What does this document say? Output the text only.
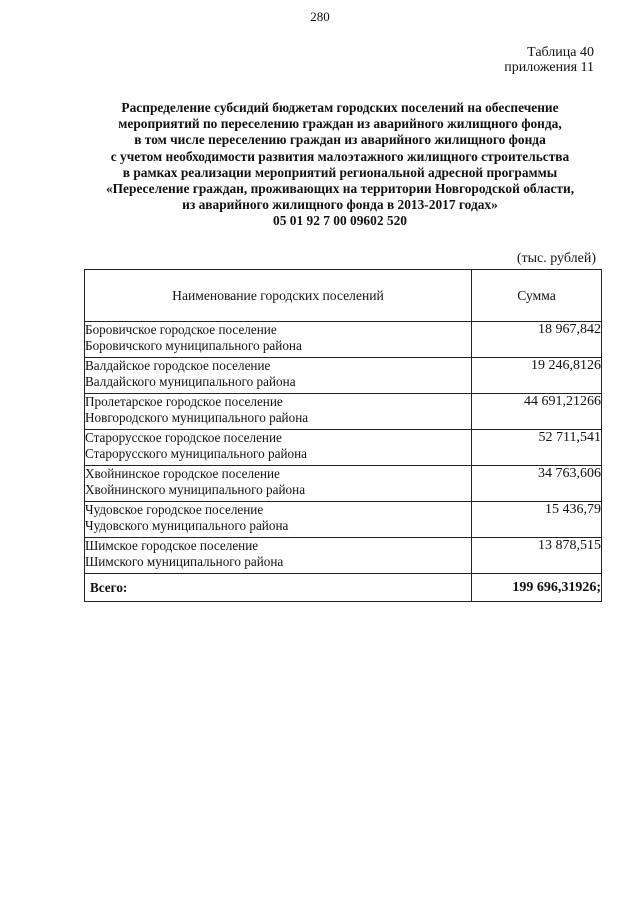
280
Таблица 40
приложения 11
Распределение субсидий бюджетам городских поселений на обеспечение
мероприятий по переселению граждан из аварийного жилищного фонда,
в том числе переселению граждан из аварийного жилищного фонда
с учетом необходимости развития малоэтажного жилищного строительства
в рамках реализации мероприятий региональной адресной программы
«Переселение граждан, проживающих на территории Новгородской области,
из аварийного жилищного фонда в 2013-2017 годах»
05 01 92 7 00 09602 520
(тыс. рублей)
Наименование городских поселений	Сумма

Боровичское городское поселение
Боровичского муниципального района	18 967,842

Валдайское городское поселение
Валдайского муниципального района	19 246,8126

Пролетарское городское поселение
Новгородского муниципального района	44 691,21266

Старорусское городское поселение
Старорусского муниципального района	52 711,541

Хвойнинское городское поселение
Хвойнинского муниципального района	34 763,606

Чудовское городское поселение
Чудовского муниципального района	15 436,79

Шимское городское поселение
Шимского муниципального района	13 878,515
Всего:	199 696,31926;
